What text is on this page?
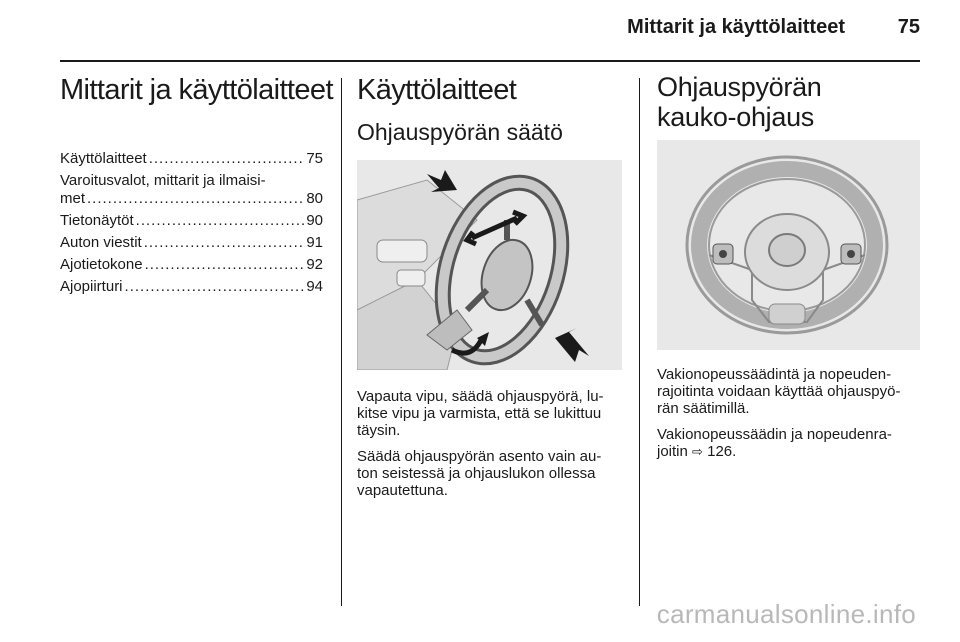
Mittarit ja käyttölaitteet	75
Mittarit ja käyttölaitteet
Käyttölaitteet .....	75
Varoitusvalot, mittarit ja ilmaisi-
met .....	80
Tietonäytöt .....	90
Auton viestit .....	91
Ajotietokone .....	92
Ajopiirturi .....	94
Käyttölaitteet
Ohjauspyörän säätö

Vapauta vipu, säädä ohjauspyörä, lu-
kitse vipu ja varmista, että se lukittuu
täysin.

Säädä ohjauspyörän asento vain au-
ton seistessä ja ohjauslukon ollessa
vapautettuna.

Ohjauspyörän
kauko-ohjaus

Vakionopeussäädintä ja nopeuden-
rajoitinta voidaan käyttää ohjauspyö-
rän säätimillä.

Vakionopeussäädin ja nopeudenra-
joitin ⇨ 126.

carmanualsonline.info
